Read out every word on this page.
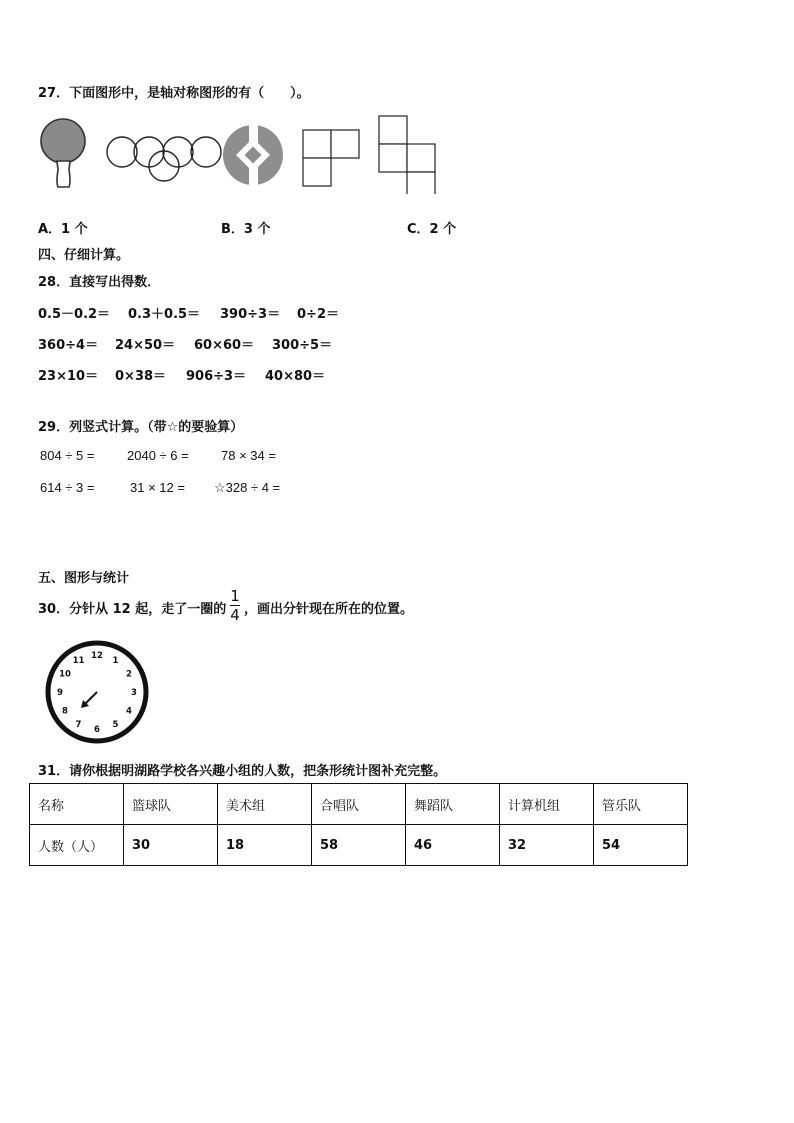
27．下面图形中，是轴对称图形的有（　　）。
A．1 个	B．3 个	C．2 个
四、仔细计算。
28．直接写出得数．
0.5－0.2＝ 0.3＋0.5＝ 390÷3＝ 0÷2＝
360÷4＝ 24×50＝ 60×60＝ 300÷5＝
23×10＝ 0×38＝ 906÷3＝ 40×80＝
29．列竖式计算。（带☆的要验算）
804 ÷ 5 =	2040 ÷ 6 = 78 × 34 =
614 ÷ 3 =	31 × 12 = ☆328 ÷ 4 =
五、图形与统计
30．分针从 12 起，走了一圈的
1
4 ，画出分针现在所在的位置。
12 1
2
3
4
5
6
7
8
9
10
11
31．请你根据明湖路学校各兴趣小组的人数，把条形统计图补充完整。
名称	篮球队	美术组	合唱队	舞蹈队	计算机组	管乐队
人数（人）	30	18	58	46	32	54
